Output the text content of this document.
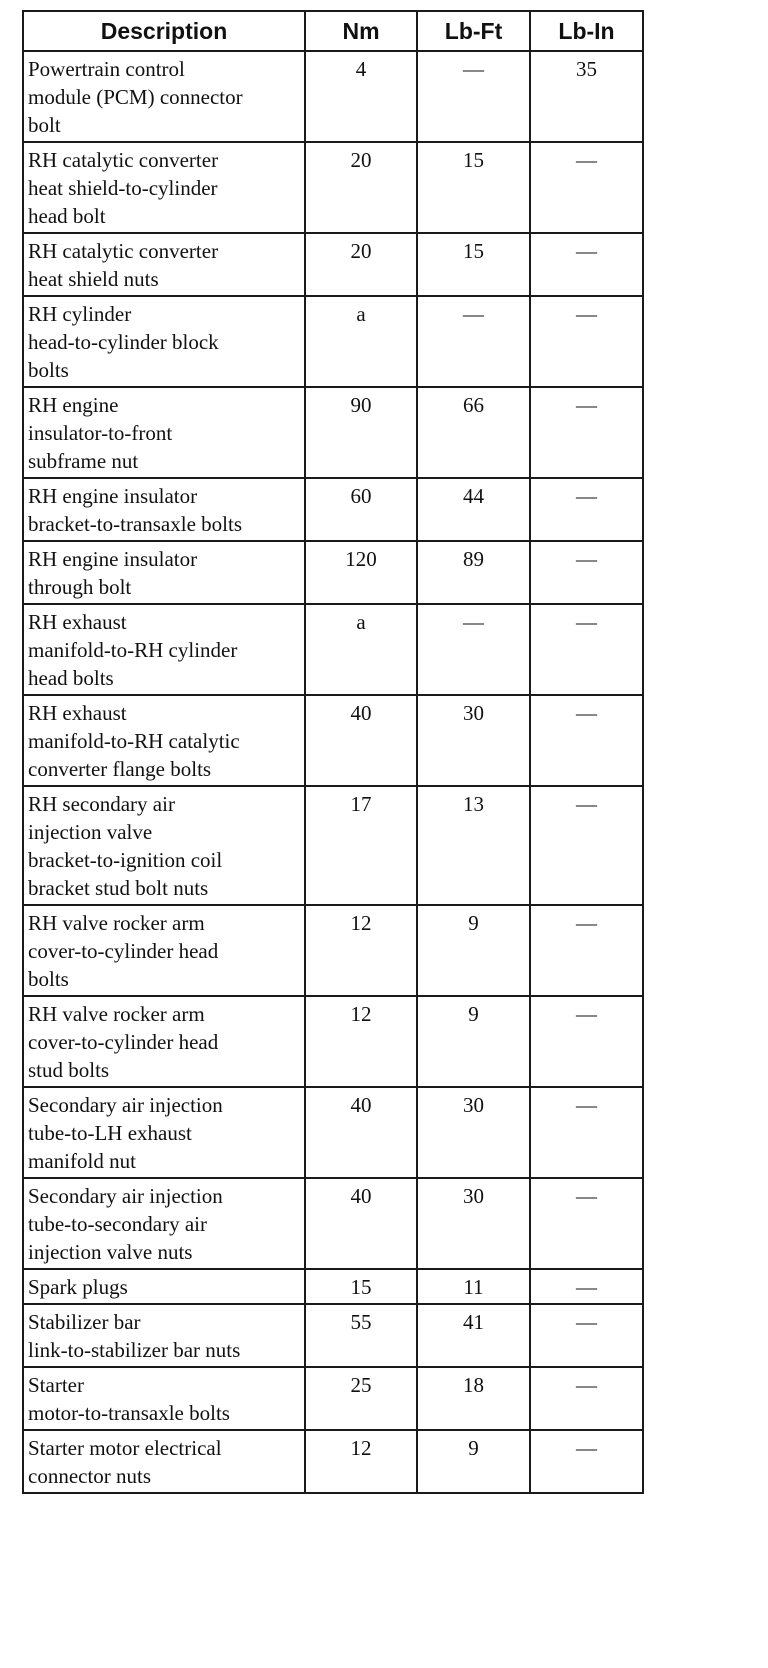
Description	Nm	Lb-Ft	Lb-In
Powertrain control
module (PCM) connector
bolt	4	—	35
RH catalytic converter
heat shield-to-cylinder
head bolt	20	15	—
RH catalytic converter
heat shield nuts	20	15	—
RH cylinder
head-to-cylinder block
bolts	a	—	—
RH engine
insulator-to-front
subframe nut	90	66	—
RH engine insulator
bracket-to-transaxle bolts	60	44	—
RH engine insulator
through bolt	120	89	—
RH exhaust
manifold-to-RH cylinder
head bolts	a	—	—
RH exhaust
manifold-to-RH catalytic
converter flange bolts	40	30	—
RH secondary air
injection valve
bracket-to-ignition coil
bracket stud bolt nuts	17	13	—
RH valve rocker arm
cover-to-cylinder head
bolts	12	9	—
RH valve rocker arm
cover-to-cylinder head
stud bolts	12	9	—
Secondary air injection
tube-to-LH exhaust
manifold nut	40	30	—
Secondary air injection
tube-to-secondary air
injection valve nuts	40	30	—
Spark plugs	15	11	—
Stabilizer bar
link-to-stabilizer bar nuts	55	41	—
Starter
motor-to-transaxle bolts	25	18	—
Starter motor electrical
connector nuts	12	9	—
